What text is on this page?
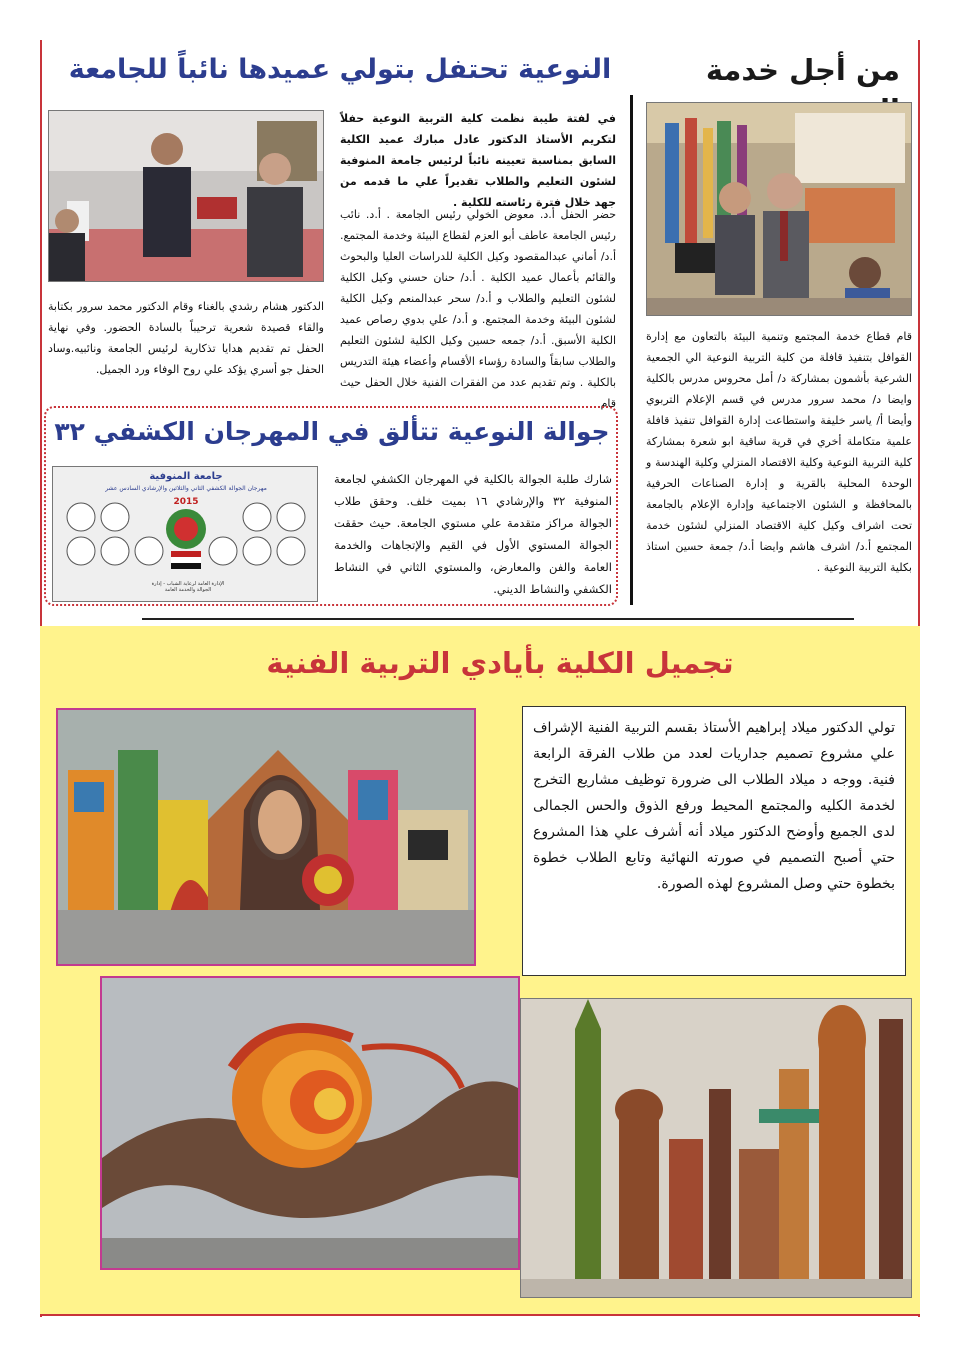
من أجل خدمة

قام قطاع خدمة المجتمع وتنمية البيئة بالتعاون مع إدارة القوافل بتنفيذ قافلة من كلية التربية النوعية الي الجمعية الشرعية بأشمون بمشاركة د/ أمل محروس مدرس بالكلية وايضا د/ محمد سرور مدرس في قسم الإعلام التربوي وأيضا أ/ ياسر خليفة واستطاعت إدارة القوافل تنفيذ قافلة علمية متكاملة أخري في قرية ساقية ابو شعرة بمشاركة كلية التربية النوعية وكلية الاقتصاد المنزلي وكلية الهندسة و الوحدة المحلية بالقرية و إدارة الصناعات الحرفية بالمحافظة و الشئون الاجتماعية وإدارة الإعلام بالجامعة تحت اشراف وكيل كلية الاقتصاد المنزلي لشئون خدمة المجتمع أ.د/ اشرف هاشم وايضا أ.د/ جمعة حسين استاذ بكلية التربية النوعية .

النوعية تحتفل بتولي عميدها نائباً للجامعة

في لفتة طيبة نظمت كلية التربية النوعية حفلاً لتكريم الأستاذ الدكتور عادل مبارك عميد الكلية السابق بمناسبة تعيينه نائباً لرئيس جامعة المنوفية لشئون التعليم والطلاب تقديراً علي ما قدمه من جهد خلال فترة رئاسته للكلية .

حضر الحفل أ.د. معوض الخولي رئيس الجامعة . أ.د. نائب رئيس الجامعة عاطف أبو العزم لقطاع البيئة وخدمة المجتمع. أ.د/ أماني عبدالمقصود وكيل الكلية للدراسات العليا والبحوث والقائم بأعمال عميد الكلية . أ.د/ حنان حسني وكيل الكلية لشئون التعليم والطلاب و أ.د/ سحر عبدالمنعم وكيل الكلية لشئون البيئة وخدمة المجتمع. و أ.د/ علي بدوي رصاص عميد الكلية الأسبق. أ.د/ جمعه حسين وكيل الكلية لشئون التعليم والطلاب سابقاً والسادة رؤساء الأقسام وأعضاء هيئة التدريس بالكلية . وتم تقديم عدد من الفقرات الفنية خلال الحفل حيث قام

الدكتور هشام رشدي بالغناء وقام الدكتور محمد سرور بكتابة والقاء قصيدة شعرية ترحيباً بالسادة الحضور. وفي نهاية الحفل تم تقديم هدايا تذكارية لرئيس الجامعة ونائبيه.وساد الحفل جو أسري يؤكد علي روح الوفاء ورد الجميل.

جوالة النوعية تتألق في المهرجان الكشفي ٣٢
جامعة المنوفية
مهرجان الجوالة الكشفي الثاني والثلاثين والإرشادي السادس عشر
2015
الإدارة العامة لرعاية الشباب - إدارة الجوالة والخدمة العامة

شارك طلبة الجوالة بالكلية في المهرجان الكشفي لجامعة المنوفية ٣٢ والإرشادي ١٦ بميت خلف. وحقق طلاب الجوالة مراكز متقدمة علي مستوي الجامعة. حيث حققت الجوالة المستوي الأول في القيم والإتجاهات والخدمة العامة والفن والمعارض، والمستوي الثاني في النشاط الكشفي والنشاط الديني.

تجميل الكلية بأيادي التربية الفنية

تولي الدكتور ميلاد إبراهيم الأستاذ بقسم التربية الفنية الإشراف علي مشروع تصميم جداريات لعدد من طلاب الفرقة الرابعة فنية. ووجه د ميلاد الطلاب الى ضرورة توظيف مشاريع التخرج لخدمة الكليه والمجتمع المحيط ورفع الذوق والحس الجمالى لدى الجميع وأوضح الدكتور ميلاد أنه أشرف علي هذا المشروع حتي أصبح التصميم في صورته النهائية وتابع الطلاب خطوة بخطوة حتي وصل المشروع لهذه الصورة.
